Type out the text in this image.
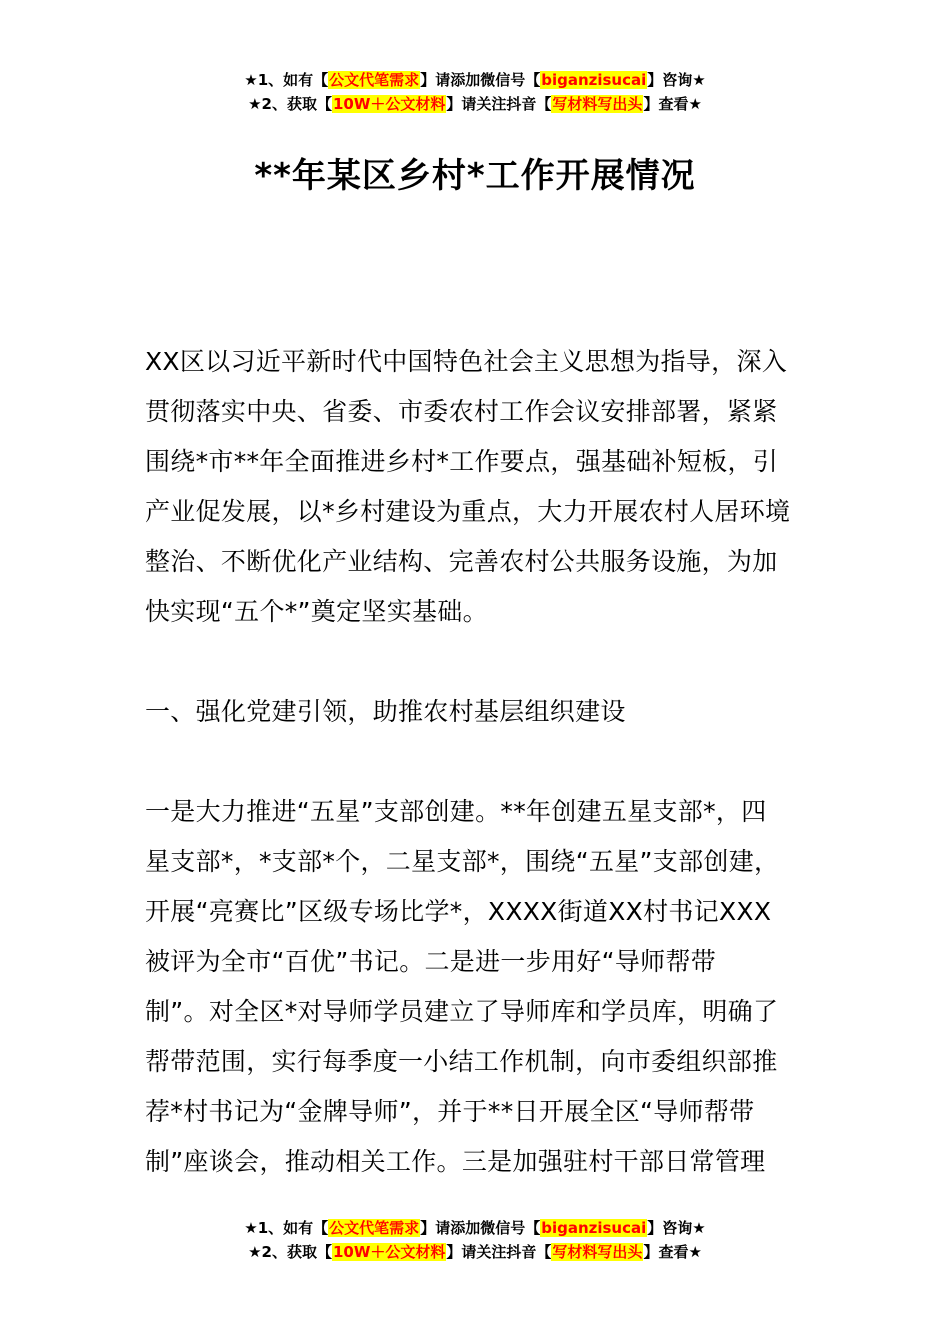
★1、如有【公文代笔需求】请添加微信号【biganzisucai】咨询★
★2、获取【10W＋公文材料】请关注抖音【写材料写出头】查看★
**年某区乡村*工作开展情况

XX区以习近平新时代中国特色社会主义思想为指导，深入
贯彻落实中央、省委、市委农村工作会议安排部署，紧紧
围绕*市**年全面推进乡村*工作要点，强基础补短板，引
产业促发展，以*乡村建设为重点，大力开展农村人居环境
整治、不断优化产业结构、完善农村公共服务设施，为加
快实现“五个*”奠定坚实基础。

一、强化党建引领，助推农村基层组织建设

一是大力推进“五星”支部创建。**年创建五星支部*，四
星支部*，*支部*个，二星支部*，围绕“五星”支部创建，
开展“亮赛比”区级专场比学*，XXXX街道XX村书记XXX
被评为全市“百优”书记。二是进一步用好“导师帮带
制”。对全区*对导师学员建立了导师库和学员库，明确了
帮带范围，实行每季度一小结工作机制，向市委组织部推
荐*村书记为“金牌导师”，并于**日开展全区“导师帮带
制”座谈会，推动相关工作。三是加强驻村干部日常管理

★1、如有【公文代笔需求】请添加微信号【biganzisucai】咨询★
★2、获取【10W＋公文材料】请关注抖音【写材料写出头】查看★
